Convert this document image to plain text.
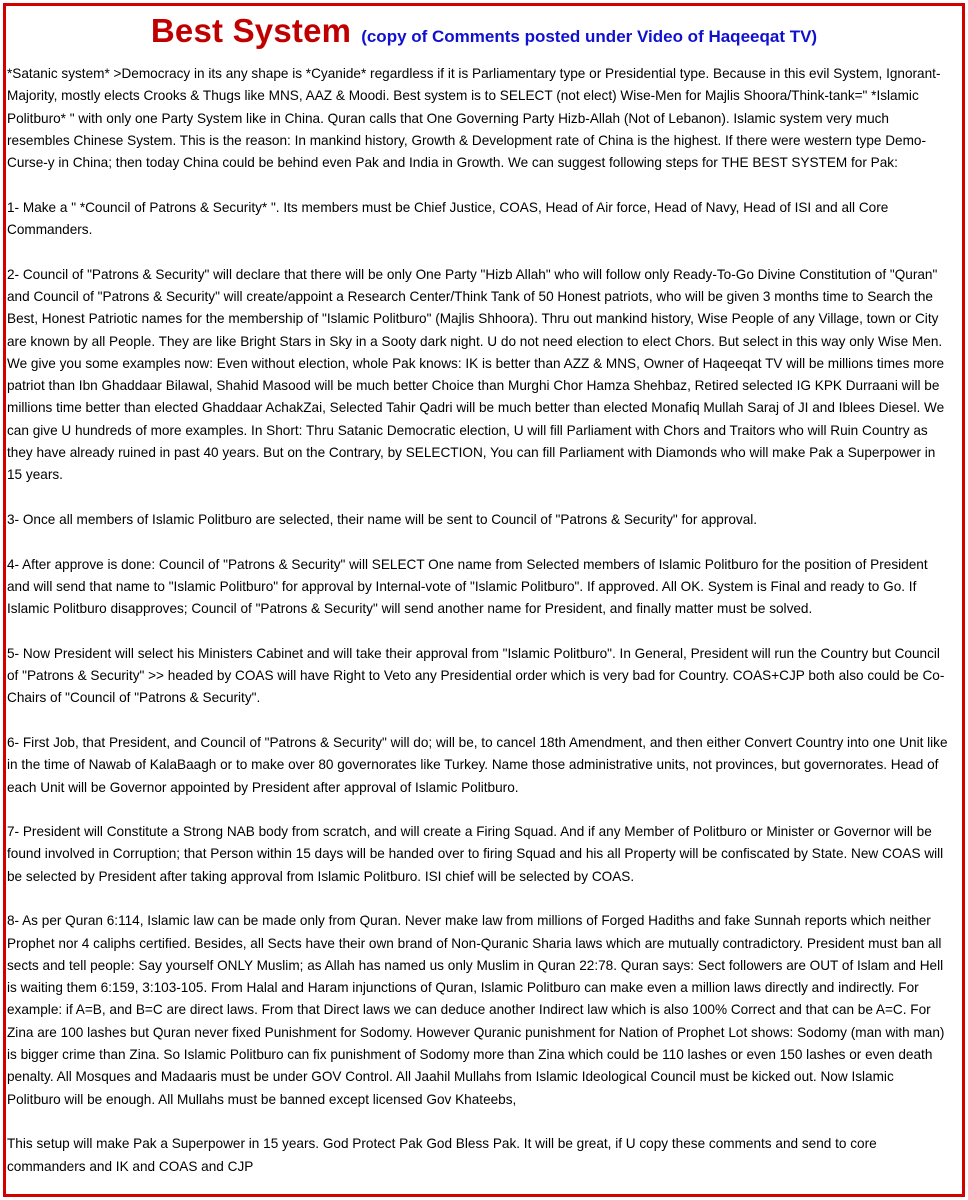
Best System (copy of Comments posted under Video of Haqeeqat TV)

*Satanic system* >Democracy in its any shape is *Cyanide* regardless if it is Parliamentary type or Presidential type. Because in this evil System, Ignorant-Majority, mostly elects Crooks & Thugs like MNS, AAZ & Moodi. Best system is to SELECT (not elect) Wise-Men for Majlis Shoora/Think-tank=" *Islamic Politburo* " with only one Party System like in China. Quran calls that One Governing Party Hizb-Allah (Not of Lebanon). Islamic system very much resembles Chinese System. This is the reason: In mankind history, Growth & Development rate of China is the highest. If there were western type Demo-Curse-y in China; then today China could be behind even Pak and India in Growth. We can suggest following steps for THE BEST SYSTEM for Pak:

1- Make a " *Council of Patrons & Security* ". Its members must be Chief Justice, COAS, Head of Air force, Head of Navy, Head of ISI and all Core Commanders.

2- Council of "Patrons & Security" will declare that there will be only One Party "Hizb Allah" who will follow only Ready-To-Go Divine Constitution of "Quran" and Council of "Patrons & Security" will create/appoint a Research Center/Think Tank of 50 Honest patriots, who will be given 3 months time to Search the Best, Honest Patriotic names for the membership of "Islamic Politburo" (Majlis Shhoora). Thru out mankind history, Wise People of any Village, town or City are known by all People. They are like Bright Stars in Sky in a Sooty dark night. U do not need election to elect Chors. But select in this way only Wise Men. We give you some examples now: Even without election, whole Pak knows: IK is better than AZZ & MNS, Owner of Haqeeqat TV will be millions times more patriot than Ibn Ghaddaar Bilawal, Shahid Masood will be much better Choice than Murghi Chor Hamza Shehbaz, Retired selected IG KPK Durraani will be millions time better than elected Ghaddaar AchakZai, Selected Tahir Qadri will be much better than elected Monafiq Mullah Saraj of JI and Iblees Diesel. We can give U hundreds of more examples. In Short: Thru Satanic Democratic election, U will fill Parliament with Chors and Traitors who will Ruin Country as they have already ruined in past 40 years. But on the Contrary, by SELECTION, You can fill Parliament with Diamonds who will make Pak a Superpower in 15 years.

3- Once all members of Islamic Politburo are selected, their name will be sent to Council of "Patrons & Security" for approval.

4- After approve is done: Council of "Patrons & Security" will SELECT One name from Selected members of Islamic Politburo for the position of President and will send that name to "Islamic Politburo" for approval by Internal-vote of "Islamic Politburo". If approved. All OK. System is Final and ready to Go. If Islamic Politburo disapproves; Council of "Patrons & Security" will send another name for President, and finally matter must be solved.

5- Now President will select his Ministers Cabinet and will take their approval from "Islamic Politburo". In General, President will run the Country but Council of "Patrons & Security" >> headed by COAS will have Right to Veto any Presidential order which is very bad for Country. COAS+CJP both also could be Co-Chairs of "Council of "Patrons & Security".

6- First Job, that President, and Council of "Patrons & Security" will do; will be, to cancel 18th Amendment, and then either Convert Country into one Unit like in the time of Nawab of KalaBaagh or to make over 80 governorates like Turkey. Name those administrative units, not provinces, but governorates. Head of each Unit will be Governor appointed by President after approval of Islamic Politburo.

7- President will Constitute a Strong NAB body from scratch, and will create a Firing Squad. And if any Member of Politburo or Minister or Governor will be found involved in Corruption; that Person within 15 days will be handed over to firing Squad and his all Property will be confiscated by State. New COAS will be selected by President after taking approval from Islamic Politburo. ISI chief will be selected by COAS.

8- As per Quran 6:114, Islamic law can be made only from Quran. Never make law from millions of Forged Hadiths and fake Sunnah reports which neither Prophet nor 4 caliphs certified. Besides, all Sects have their own brand of Non-Quranic Sharia laws which are mutually contradictory. President must ban all sects and tell people: Say yourself ONLY Muslim; as Allah has named us only Muslim in Quran 22:78. Quran says: Sect followers are OUT of Islam and Hell is waiting them 6:159, 3:103-105. From Halal and Haram injunctions of Quran, Islamic Politburo can make even a million laws directly and indirectly. For example: if A=B, and B=C are direct laws. From that Direct laws we can deduce another Indirect law which is also 100% Correct and that can be A=C. For Zina are 100 lashes but Quran never fixed Punishment for Sodomy. However Quranic punishment for Nation of Prophet Lot shows: Sodomy (man with man) is bigger crime than Zina. So Islamic Politburo can fix punishment of Sodomy more than Zina which could be 110 lashes or even 150 lashes or even death penalty. All Mosques and Madaaris must be under GOV Control. All Jaahil Mullahs from Islamic Ideological Council must be kicked out. Now Islamic Politburo will be enough. All Mullahs must be banned except licensed Gov Khateebs,

This setup will make Pak a Superpower in 15 years. God Protect Pak God Bless Pak. It will be great, if U copy these comments and send to core commanders and IK and COAS and CJP
